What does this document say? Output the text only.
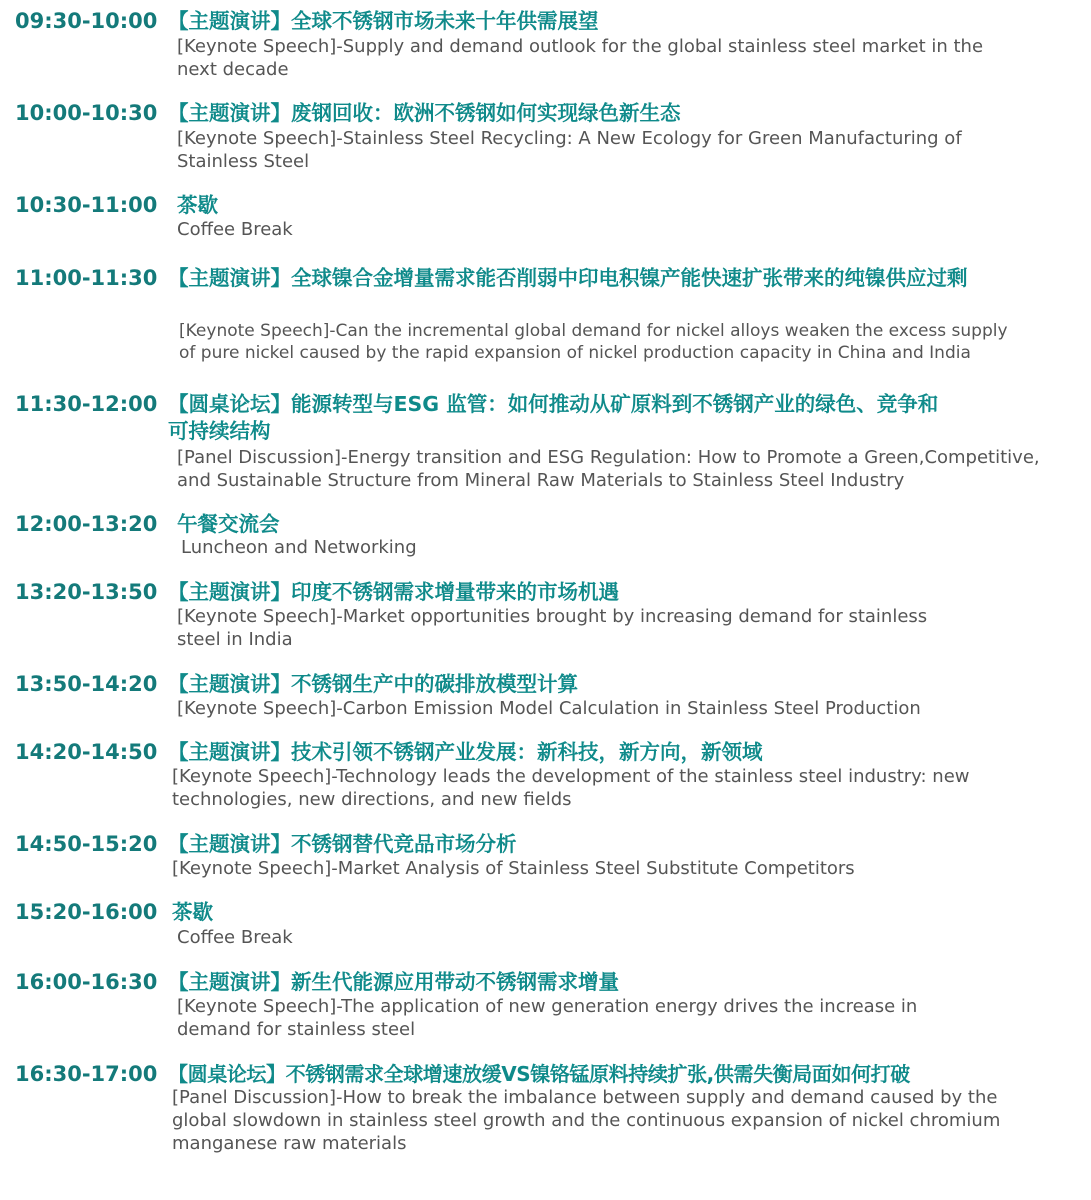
09:30-10:00 【主题演讲】全球不锈钢市场未来十年供需展望
[Keynote Speech]-Supply and demand outlook for the global stainless steel market in the next decade
10:00-10:30 【主题演讲】废钢回收：欧洲不锈钢如何实现绿色新生态
[Keynote Speech]-Stainless Steel Recycling: A New Ecology for Green Manufacturing of Stainless Steel
10:30-11:00 茶歇
Coffee Break
11:00-11:30 【主题演讲】全球镍合金增量需求能否削弱中印电积镍产能快速扩张带来的纯镍供应过剩
[Keynote Speech]-Can the incremental global demand for nickel alloys weaken the excess supply of pure nickel caused by the rapid expansion of nickel production capacity in China and India
11:30-12:00 【圆桌论坛】能源转型与ESG 监管：如何推动从矿原料到不锈钢产业的绿色、竞争和可持续结构
[Panel Discussion]-Energy transition and ESG Regulation: How to Promote a Green,Competitive, and Sustainable Structure from Mineral Raw Materials to Stainless Steel Industry
12:00-13:20 午餐交流会
Luncheon and Networking
13:20-13:50 【主题演讲】印度不锈钢需求增量带来的市场机遇
[Keynote Speech]-Market opportunities brought by increasing demand for stainless steel in India
13:50-14:20 【主题演讲】不锈钢生产中的碳排放模型计算
[Keynote Speech]-Carbon Emission Model Calculation in Stainless Steel Production
14:20-14:50 【主题演讲】技术引领不锈钢产业发展：新科技，新方向，新领域
[Keynote Speech]-Technology leads the development of the stainless steel industry: new technologies, new directions, and new fields
14:50-15:20 【主题演讲】不锈钢替代竞品市场分析
[Keynote Speech]-Market Analysis of Stainless Steel Substitute Competitors
15:20-16:00 茶歇
Coffee Break
16:00-16:30 【主题演讲】新生代能源应用带动不锈钢需求增量
[Keynote Speech]-The application of new generation energy drives the increase in demand for stainless steel
16:30-17:00 【圆桌论坛】不锈钢需求全球增速放缓VS镍铬锰原料持续扩张,供需失衡局面如何打破
[Panel Discussion]-How to break the imbalance between supply and demand caused by the global slowdown in stainless steel growth and the continuous expansion of nickel chromium manganese raw materials
